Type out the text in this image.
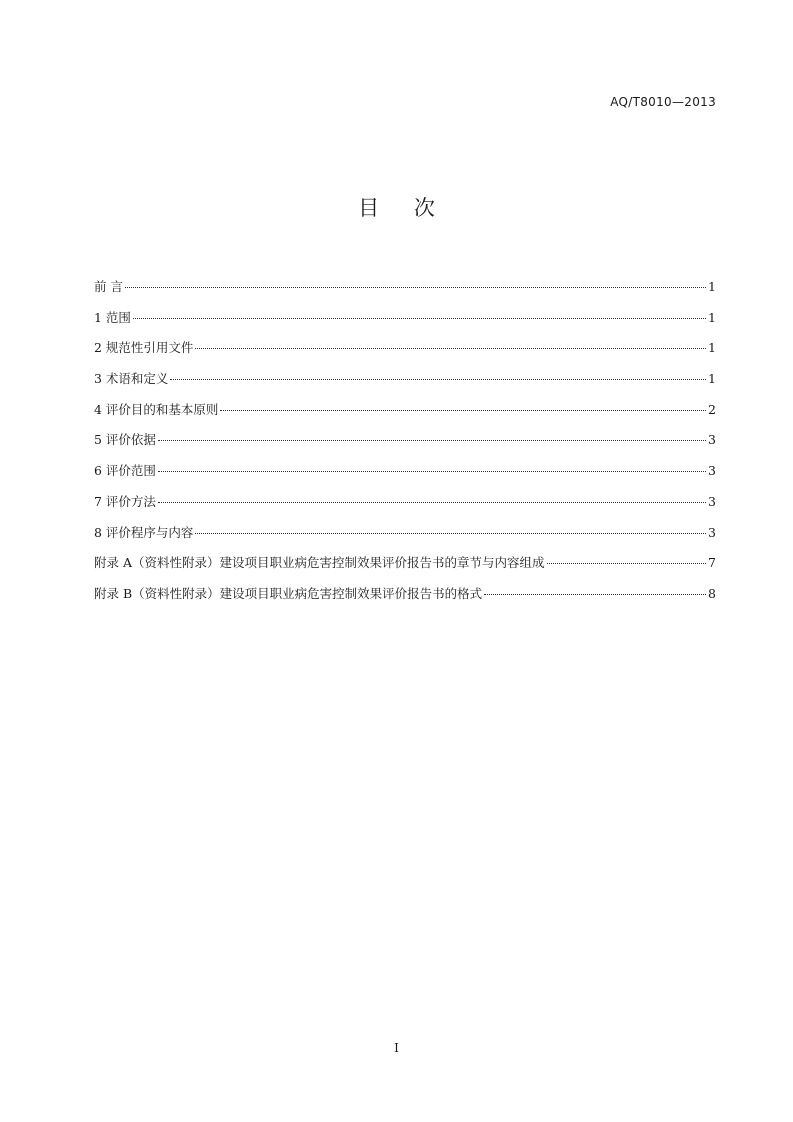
AQ/T8010—2013
目 次
前 言	1
1 范围	1
2 规范性引用文件	1
3 术语和定义	1
4 评价目的和基本原则	2
5 评价依据	3
6 评价范围	3
7 评价方法	3
8 评价程序与内容	3
附录 A（资料性附录）建设项目职业病危害控制效果评价报告书的章节与内容组成	7
附录 B（资料性附录）建设项目职业病危害控制效果评价报告书的格式	8
I
